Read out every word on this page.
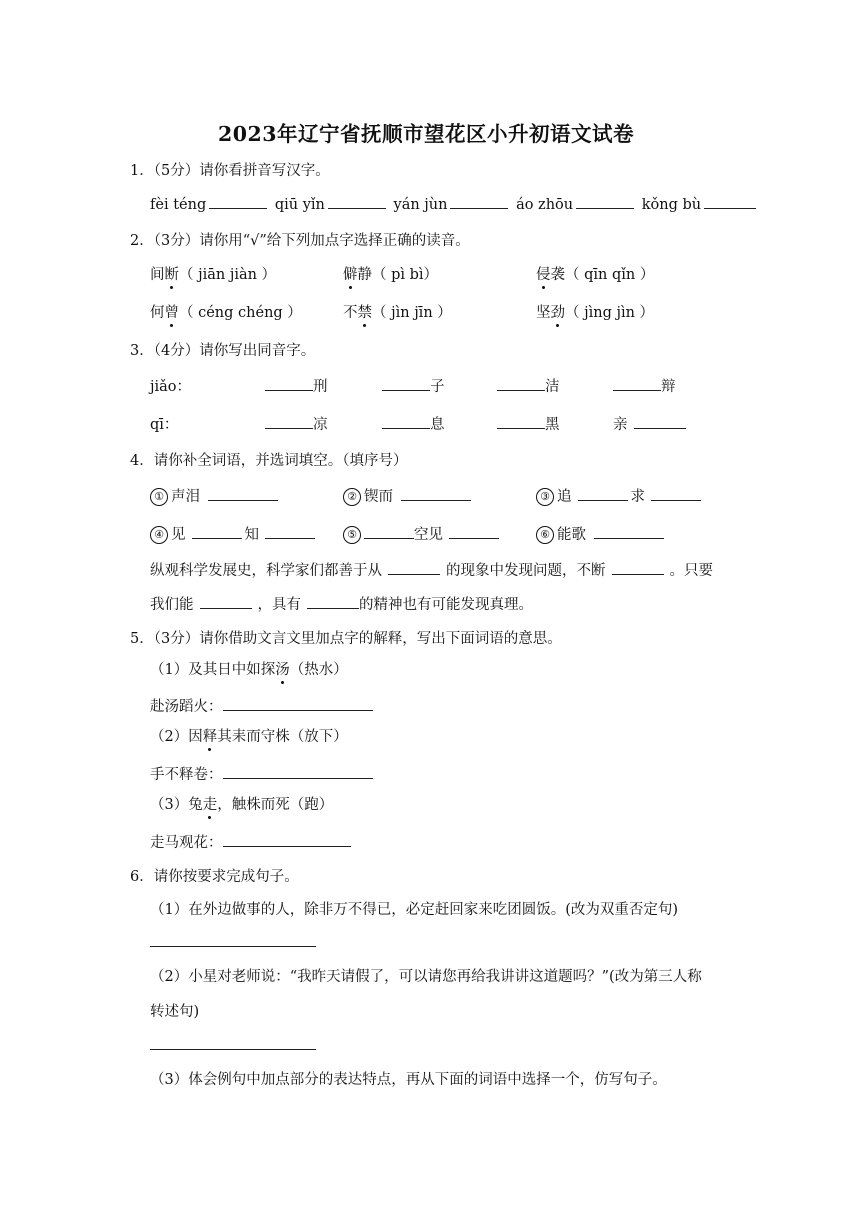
2023年辽宁省抚顺市望花区小升初语文试卷
1．（5分）请你看拼音写汉字。
fèi téng	qiū yǐn	yán jùn	áo zhōu	kǒng bù
2．（3分）请你用“√”给下列加点字选择正确的读音。
间断（ jiān jiàn ）	僻静（ pì bì）	侵袭（ qīn qǐn ）
何曾（ céng chéng ）	不禁（ jìn jīn ）	坚劲（ jìng jìn ）
3．（4分）请你写出同音字。
jiǎo：	刑	子	洁	辩
qī：	凉	息	黑	亲
4．请你补全词语，并选词填空。（填序号）
① 声泪	② 锲而	③ 追	求
④ 见	知	⑤	空见	⑥ 能歌
纵观科学发展史，科学家们都善于从	的现象中发现问题，不断	。只要
我们能	，具有	的精神也有可能发现真理。
5．（3分）请你借助文言文里加点字的解释，写出下面词语的意思。
（1）及其日中如探汤（热水）
赴汤蹈火：
（2）因释其耒而守株（放下）
手不释卷：
（3）兔走，触株而死（跑）
走马观花：
6．请你按要求完成句子。
（1）在外边做事的人，除非万不得已，必定赶回家来吃团圆饭。(改为双重否定句)
（2）小星对老师说：“我昨天请假了，可以请您再给我讲讲这道题吗？”(改为第三人称
转述句)
（3）体会例句中加点部分的表达特点，再从下面的词语中选择一个，仿写句子。
